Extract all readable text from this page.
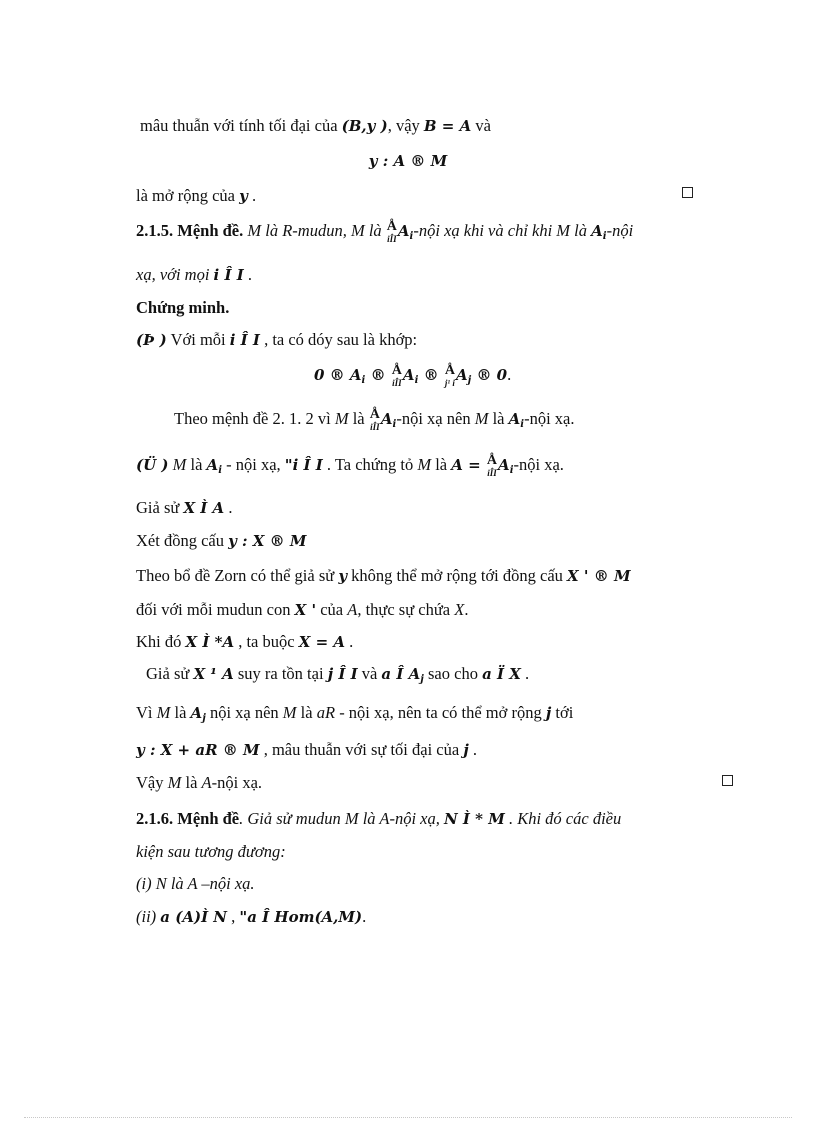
mâu thuẫn với tính tối đại của (B,y ), vậy B = A và
y : A ® M
là mở rộng của y .
2.1.5. Mệnh đề. M là R-mudun, M là Å
iÎI $A_i$-nội xạ khi và chỉ khi M là $A_i$-nội
xạ, với mọi i Î I .
Chứng minh.
(Þ ) Với mỗi i Î I , ta có dóy sau là khớp:
0 ® $A_i$ ® Å
iÎI $A_i$ ® Å
j¹ i $A_j$ ® 0.
Theo mệnh đề 2. 1. 2 vì M là Å
iÎI $A_i$-nội xạ nên M là $A_i$-nội xạ.
(Ü ) M là $A_i$ - nội xạ, "i Î I . Ta chứng tỏ M là A = Å
iÎI $A_i$-nội xạ.
Giả sử X Ì A .
Xét đồng cấu y : X ® M
Theo bổ đề Zorn có thể giả sử y không thể mở rộng tới đồng cấu X ' ® M
đối với mỗi mudun con X ' của A, thực sự chứa X.
Khi đó X Ì *A , ta buộc X = A .
Giả sử X ¹ A suy ra tồn tại j Î I và a Î $A_j$ sao cho a Ï X .
Vì M là $A_j$ nội xạ nên M là aR - nội xạ, nên ta có thể mở rộng j tới
y : X + aR ® M , mâu thuẫn với sự tối đại của j .
Vậy M là A-nội xạ.
2.1.6. Mệnh đề. Giả sử mudun M là A-nội xạ, N Ì * M . Khi đó các điều
kiện sau tương đương:
(i) N là A –nội xạ.
(ii) a (A)Ì N , "a Î Hom(A,M).
